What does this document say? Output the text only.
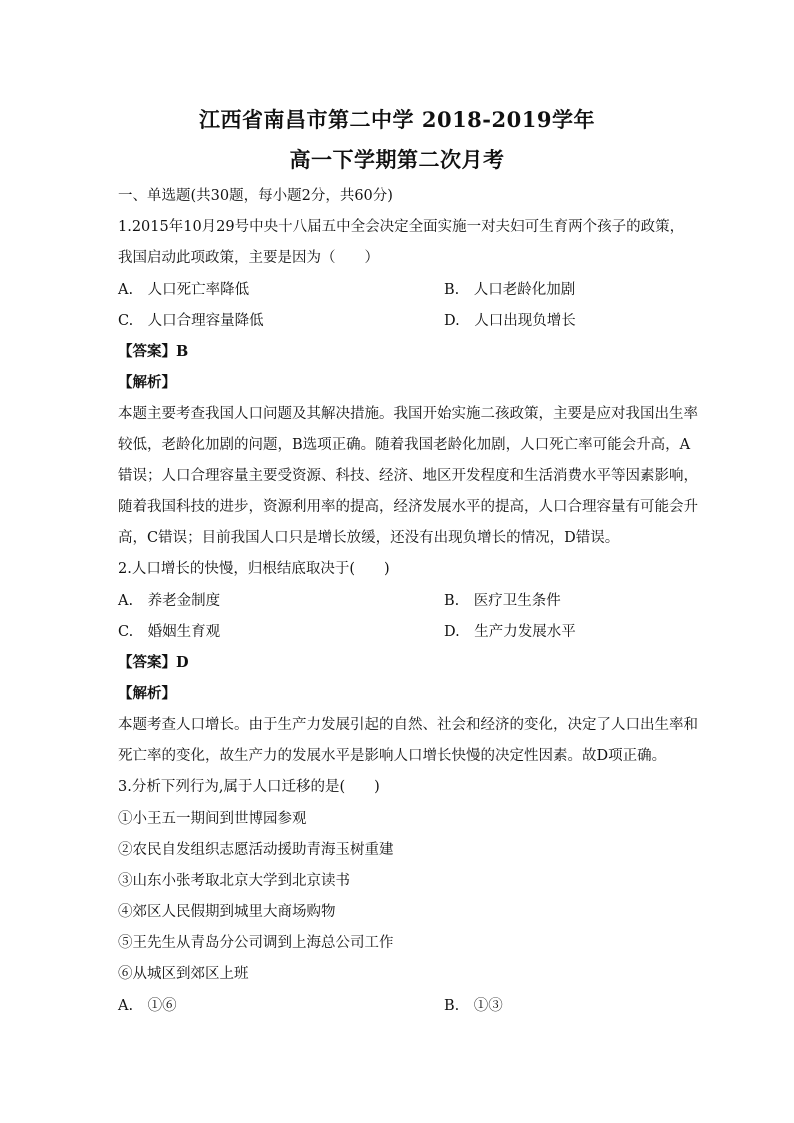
江西省南昌市第二中学 2018-2019学年
高一下学期第二次月考
一、单选题(共30题，每小题2分，共60分)
1.2015年10月29号中央十八届五中全会决定全面实施一对夫妇可生育两个孩子的政策，
我国启动此项政策，主要是因为（　　）
A.　人口死亡率降低	B.　人口老龄化加剧
C.　人口合理容量降低	D.　人口出现负增长
【答案】B
【解析】
本题主要考查我国人口问题及其解决措施。我国开始实施二孩政策，主要是应对我国出生率
较低，老龄化加剧的问题，B选项正确。随着我国老龄化加剧，人口死亡率可能会升高，A
错误；人口合理容量主要受资源、科技、经济、地区开发程度和生活消费水平等因素影响，
随着我国科技的进步，资源利用率的提高，经济发展水平的提高，人口合理容量有可能会升
高，C错误；目前我国人口只是增长放缓，还没有出现负增长的情况，D错误。
2.人口增长的快慢，归根结底取决于(　　)
A.　养老金制度	B.　医疗卫生条件
C.　婚姻生育观	D.　生产力发展水平
【答案】D
【解析】
本题考查人口增长。由于生产力发展引起的自然、社会和经济的变化，决定了人口出生率和
死亡率的变化，故生产力的发展水平是影响人口增长快慢的决定性因素。故D项正确。
3.分析下列行为,属于人口迁移的是(　　)
①小王五一期间到世博园参观
②农民自发组织志愿活动援助青海玉树重建
③山东小张考取北京大学到北京读书
④郊区人民假期到城里大商场购物
⑤王先生从青岛分公司调到上海总公司工作
⑥从城区到郊区上班
A.　①⑥	B.　①③
